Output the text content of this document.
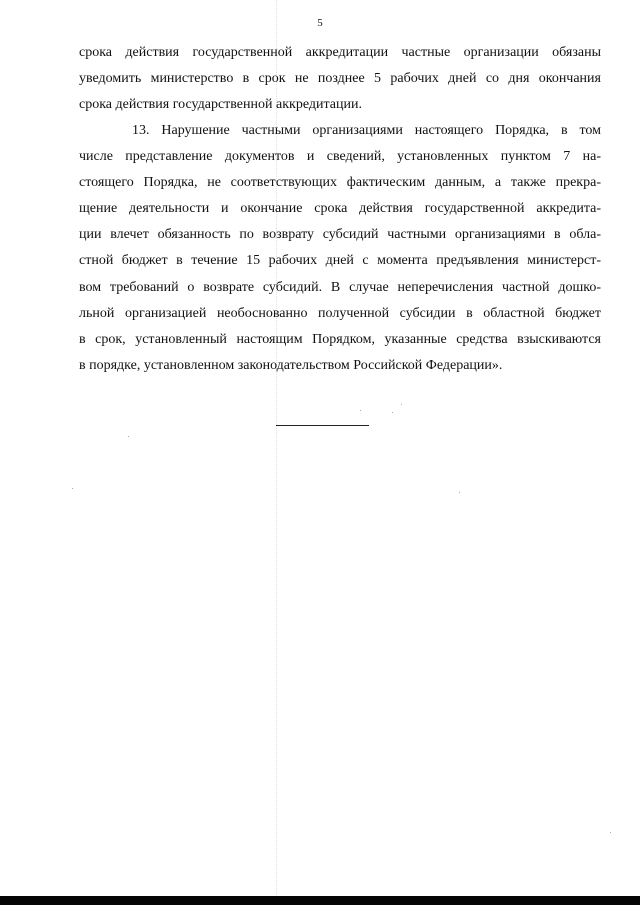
5
срока действия государственной аккредитации частные организации обязаны
уведомить министерство в срок не позднее 5 рабочих дней со дня окончания
срока действия государственной аккредитации.
13. Нарушение частными организациями настоящего Порядка, в том
числе представление документов и сведений, установленных пунктом 7 на-
стоящего Порядка, не соответствующих фактическим данным, а также прекра-
щение деятельности и окончание срока действия государственной аккредита-
ции влечет обязанность по возврату субсидий частными организациями в обла-
стной бюджет в течение 15 рабочих дней с момента предъявления министерст-
вом требований о возврате субсидий. В случае неперечисления частной дошко-
льной организацией необоснованно полученной субсидии в областной бюджет
в срок, установленный настоящим Порядком, указанные средства взыскиваются
в порядке, установленном законодательством Российской Федерации».
